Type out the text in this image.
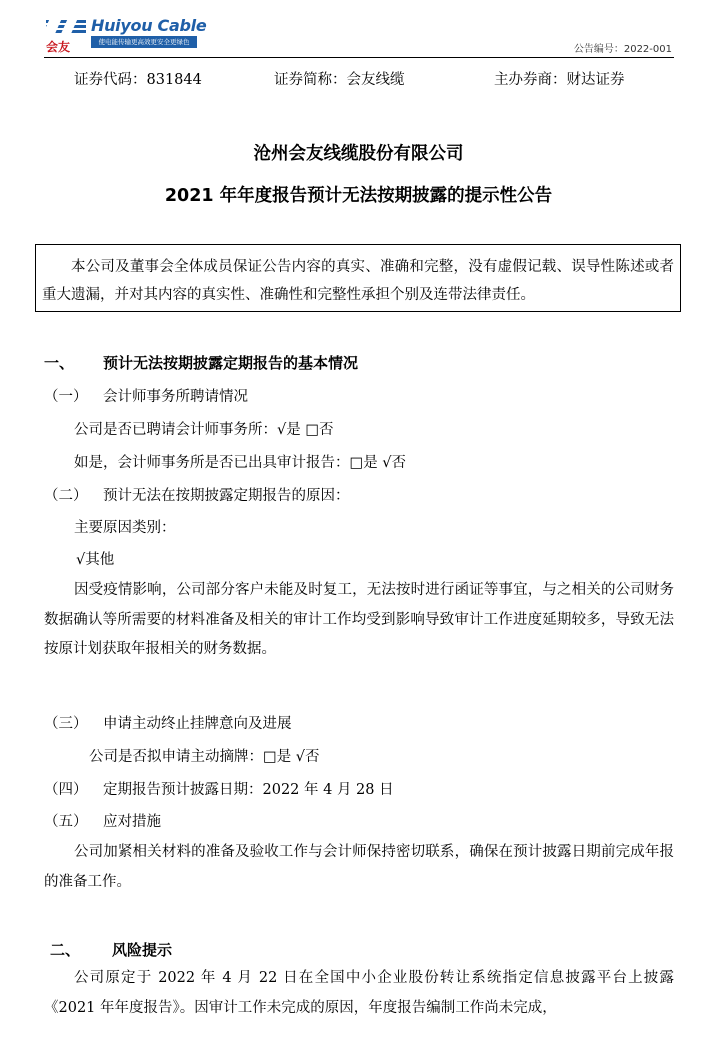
会友
Huiyou Cable
使电能传输更高效更安全更绿色
公告编号：2022-001
证券代码：831844	证券简称：会友线缆	主办券商：财达证券
沧州会友线缆股份有限公司
2021 年年度报告预计无法按期披露的提示性公告

本公司及董事会全体成员保证公告内容的真实、准确和完整，没有虚假记载、误导性陈述或者重大遗漏，并对其内容的真实性、准确性和完整性承担个别及连带法律责任。

一、 预计无法按期披露定期报告的基本情况
（一） 会计师事务所聘请情况
公司是否已聘请会计师事务所：√是 □否
如是，会计师事务所是否已出具审计报告：□是 √否
（二） 预计无法在按期披露定期报告的原因：
主要原因类别：
√其他

因受疫情影响，公司部分客户未能及时复工，无法按时进行函证等事宜，与之相关的公司财务数据确认等所需要的材料准备及相关的审计工作均受到影响导致审计工作进度延期较多，导致无法按原计划获取年报相关的财务数据。

（三） 申请主动终止挂牌意向及进展
公司是否拟申请主动摘牌：□是 √否
（四） 定期报告预计披露日期：2022 年 4 月 28 日
（五） 应对措施

公司加紧相关材料的准备及验收工作与会计师保持密切联系，确保在预计披露日期前完成年报的准备工作。

二、 风险提示

公司原定于 2022 年 4 月 22 日在全国中小企业股份转让系统指定信息披露平台上披露《2021 年年度报告》。因审计工作未完成的原因，年度报告编制工作尚未完成，
